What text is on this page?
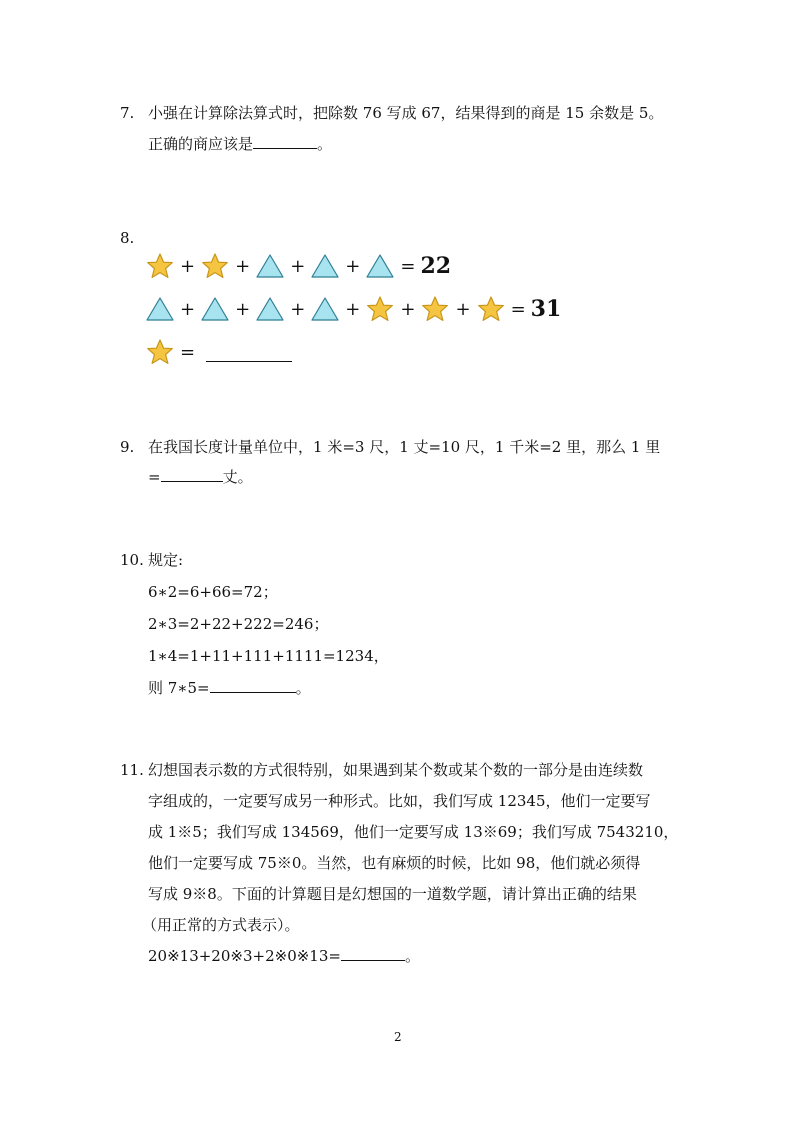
7. 小强在计算除法算式时，把除数 76 写成 67，结果得到的商是 15 余数是 5。
正确的商应该是	。
8.
+ + + + = 22
+ + + + + + = 31
=
9. 在我国长度计量单位中，1 米=3 尺，1 丈=10 尺，1 千米=2 里，那么 1 里
=	丈。
10. 规定:
6∗2=6+66=72；
2∗3=2+22+222=246；
1∗4=1+11+111+1111=1234，
则 7∗5=	。
11. 幻想国表示数的方式很特别，如果遇到某个数或某个数的一部分是由连续数
字组成的，一定要写成另一种形式。比如，我们写成 12345，他们一定要写
成 1※5；我们写成 134569，他们一定要写成 13※69；我们写成 7543210，
他们一定要写成 75※0。当然，也有麻烦的时候，比如 98，他们就必须得
写成 9※8。下面的计算题目是幻想国的一道数学题，请计算出正确的结果
（用正常的方式表示）。
20※13+20※3+2※0※13=	。
2
